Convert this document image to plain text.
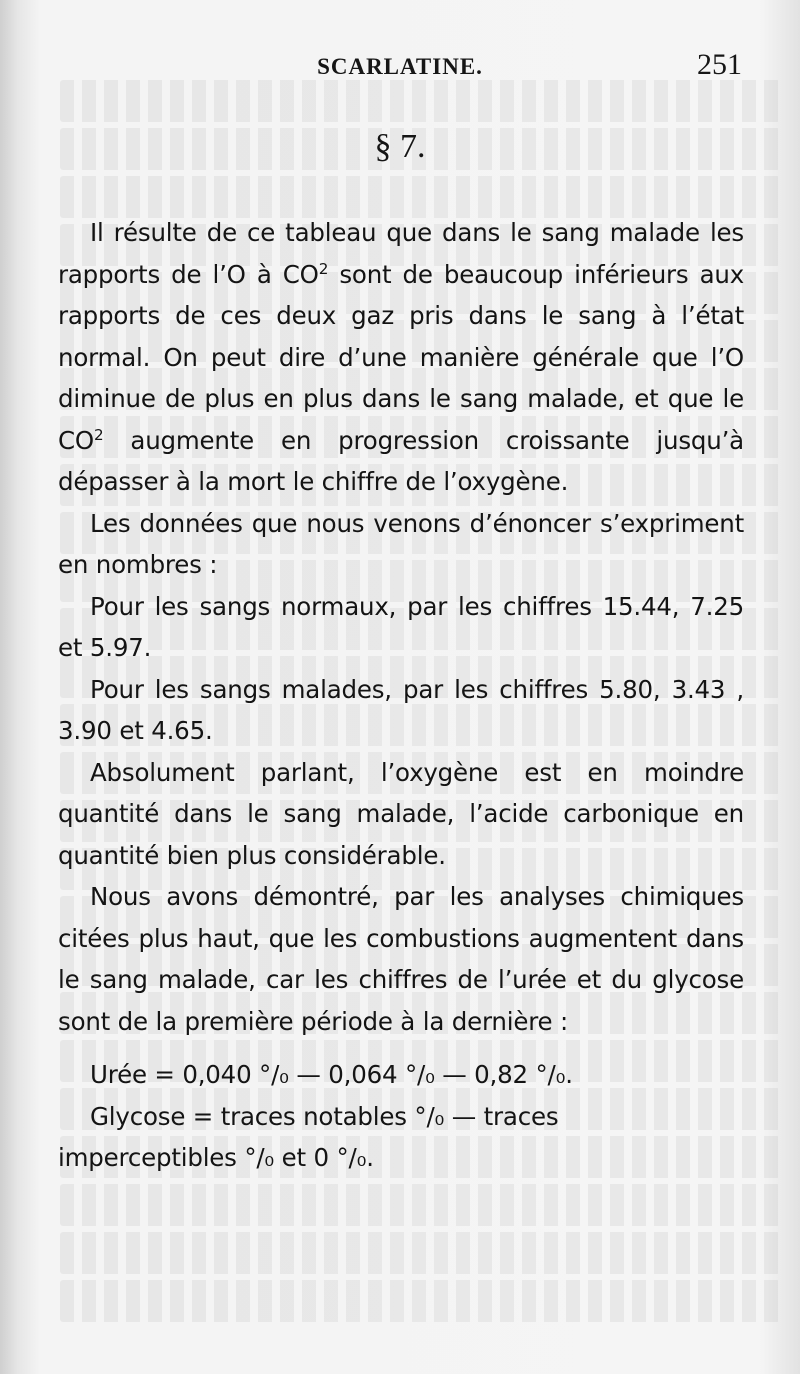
SCARLATINE.	251
§ 7.

Il résulte de ce tableau que dans le sang malade les rapports de l’O à $CO^2$ sont de beaucoup inférieurs aux rapports de ces deux gaz pris dans le sang à l’état normal. On peut dire d’une manière générale que l’O diminue de plus en plus dans le sang malade, et que le $CO^2$ augmente en progression croissante jusqu’à dépasser à la mort le chiffre de l’oxygène.

Les données que nous venons d’énoncer s’expriment en nombres :

Pour les sangs normaux, par les chiffres 15.44, 7.25 et 5.97.

Pour les sangs malades, par les chiffres 5.80, 3.43 , 3.90 et 4.65.

Absolument parlant, l’oxygène est en moindre quantité dans le sang malade, l’acide carbonique en quantité bien plus considérable.

Nous avons démontré, par les analyses chimiques citées plus haut, que les combustions augmentent dans le sang malade, car les chiffres de l’urée et du glycose sont de la première période à la dernière :

Urée = 0,040 °/₀ — 0,064 °/₀ — 0,82 °/₀.

Glycose = traces notables °/₀ — traces imperceptibles °/₀ et 0 °/₀.
